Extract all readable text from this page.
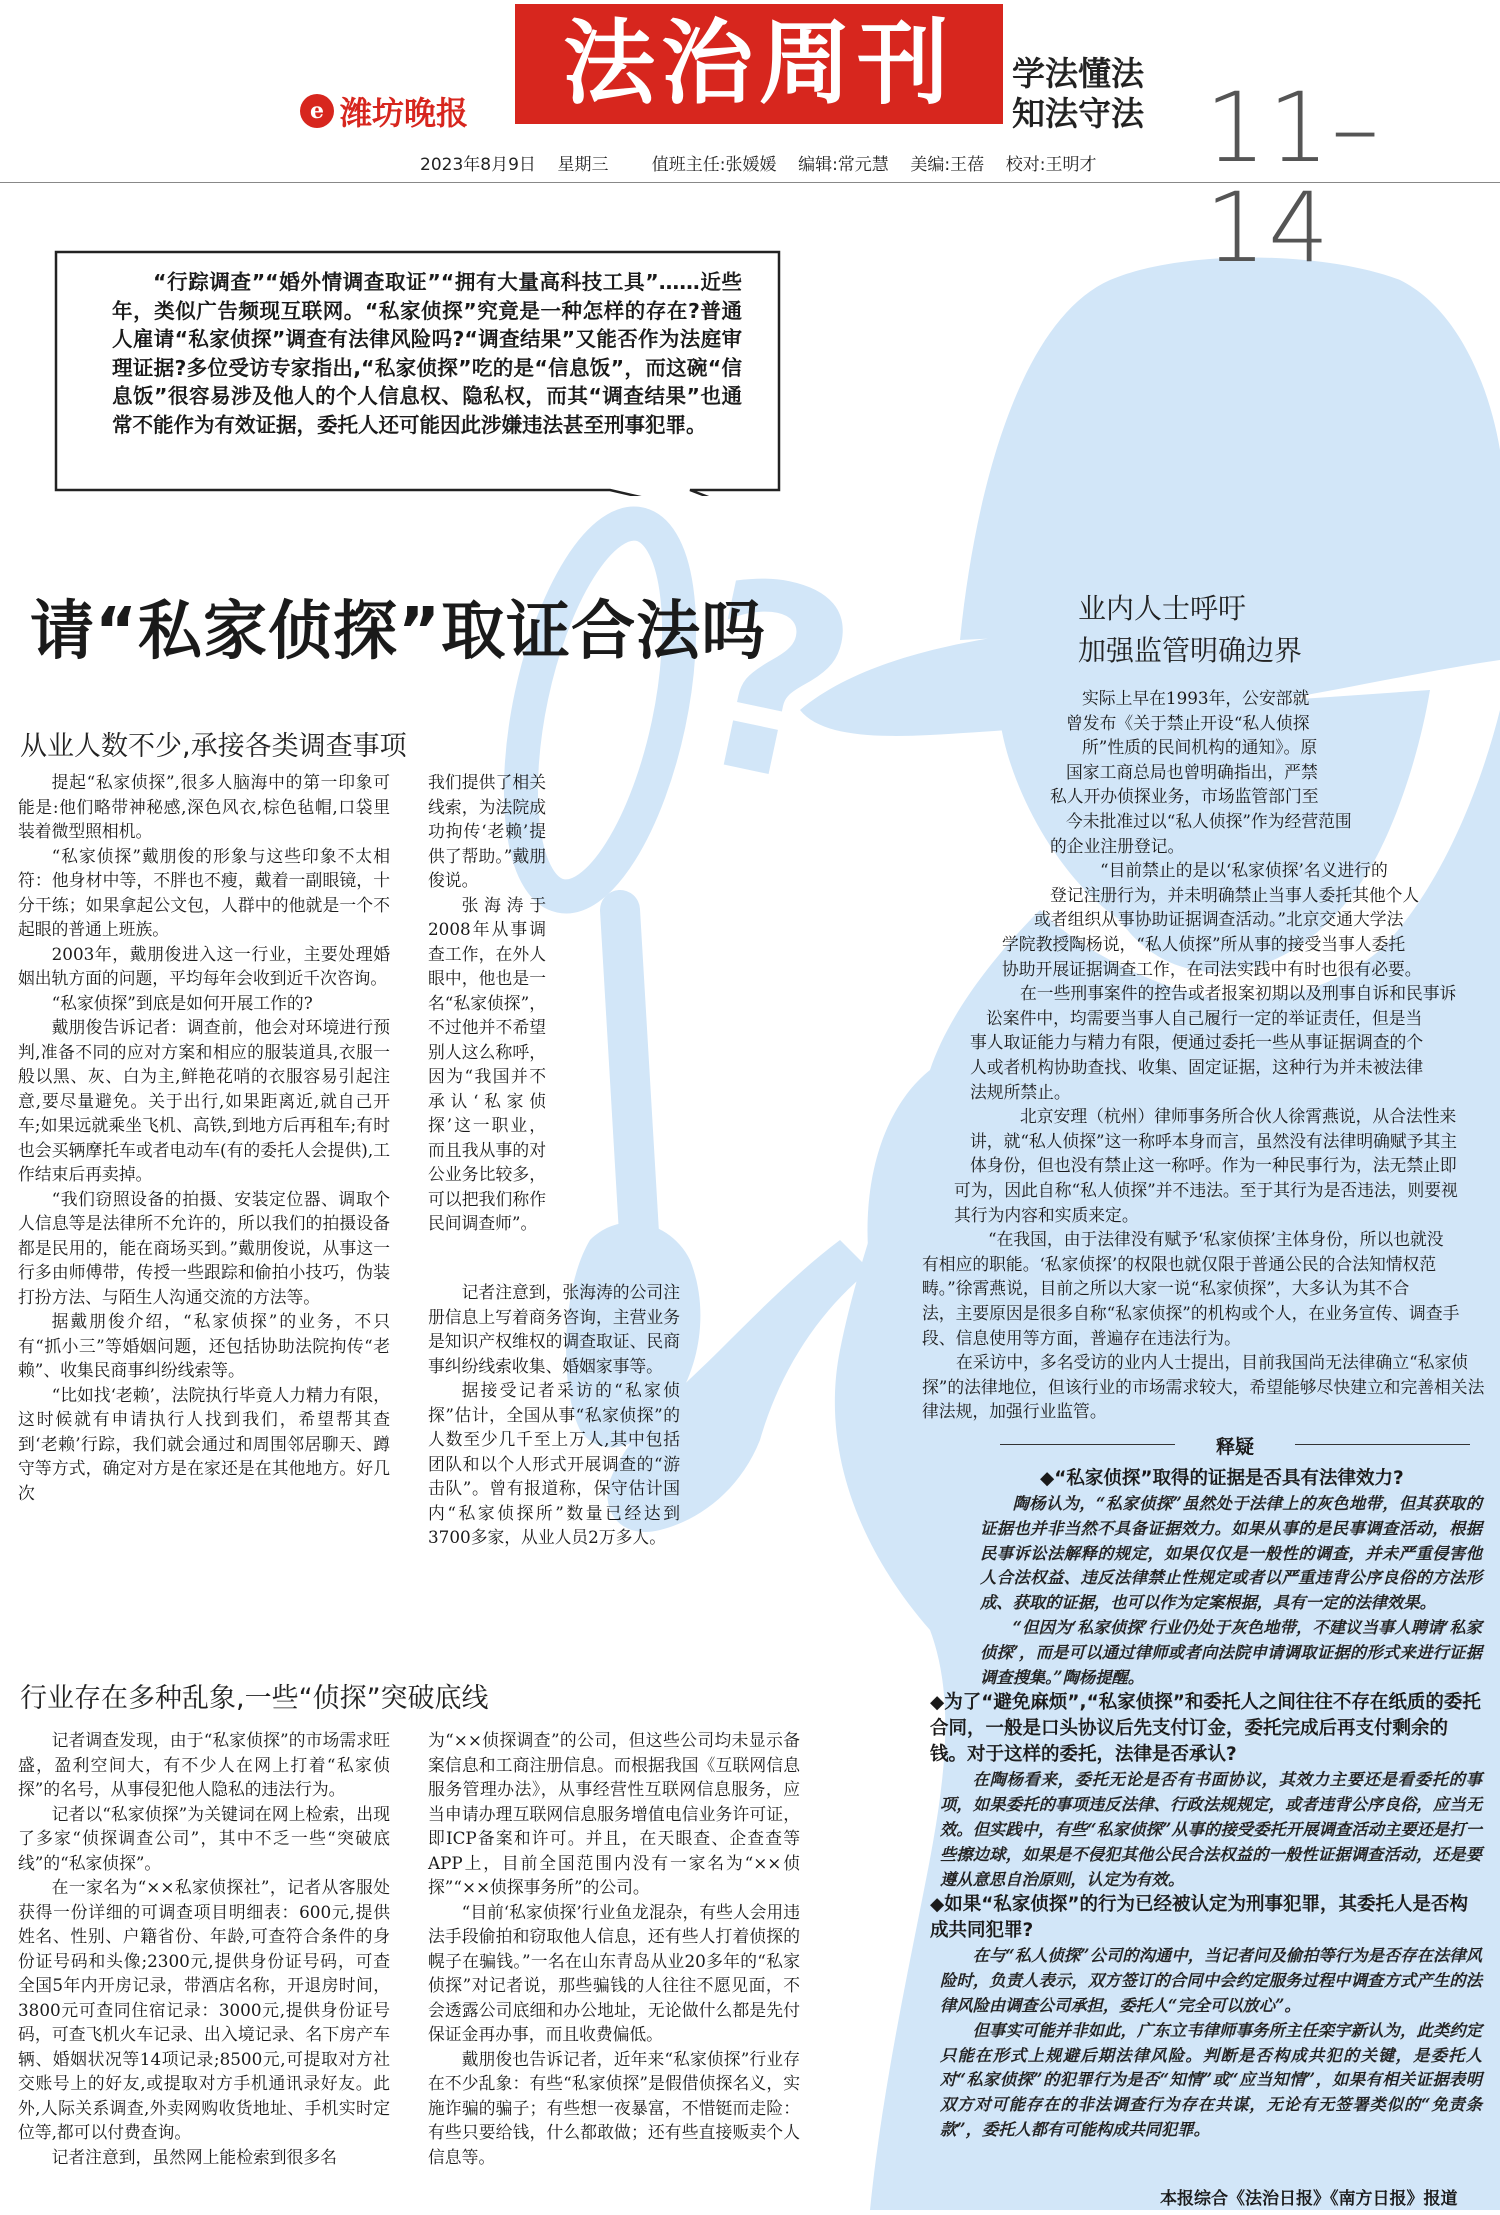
?
e 潍坊晚报	法治周刊	学法懂法
知法守法 11–14
2023年8月9日    星期三        值班主任:张媛媛    编辑:常元慧    美编:王蓓    校对:王明才

“行踪调查”“婚外情调查取证”“拥有大量高科技工具”……近些年，类似广告频现互联网。“私家侦探”究竟是一种怎样的存在?普通人雇请“私家侦探”调查有法律风险吗?“调查结果”又能否作为法庭审理证据?多位受访专家指出,“私家侦探”吃的是“信息饭”，而这碗“信息饭”很容易涉及他人的个人信息权、隐私权，而其“调查结果”也通常不能作为有效证据，委托人还可能因此涉嫌违法甚至刑事犯罪。

请“私家侦探”取证合法吗
从业人数不少,承接各类调查事项

提起“私家侦探”,很多人脑海中的第一印象可能是:他们略带神秘感,深色风衣,棕色毡帽,口袋里装着微型照相机。

“私家侦探”戴朋俊的形象与这些印象不太相符：他身材中等，不胖也不瘦，戴着一副眼镜，十分干练；如果拿起公文包，人群中的他就是一个不起眼的普通上班族。

2003年，戴朋俊进入这一行业，主要处理婚姻出轨方面的问题，平均每年会收到近千次咨询。

“私家侦探”到底是如何开展工作的?

戴朋俊告诉记者：调查前，他会对环境进行预判,准备不同的应对方案和相应的服装道具,衣服一般以黑、灰、白为主,鲜艳花哨的衣服容易引起注意,要尽量避免。关于出行,如果距离近,就自己开车;如果远就乘坐飞机、高铁,到地方后再租车;有时也会买辆摩托车或者电动车(有的委托人会提供),工作结束后再卖掉。

“我们窃照设备的拍摄、安装定位器、调取个人信息等是法律所不允许的，所以我们的拍摄设备都是民用的，能在商场买到。”戴朋俊说，从事这一行多由师傅带，传授一些跟踪和偷拍小技巧，伪装打扮方法、与陌生人沟通交流的方法等。

据戴朋俊介绍，“私家侦探”的业务，不只有“抓小三”等婚姻问题，还包括协助法院拘传“老赖”、收集民商事纠纷线索等。

“比如找‘老赖’，法院执行毕竟人力精力有限，这时候就有申请执行人找到我们，希望帮其查到‘老赖’行踪，我们就会通过和周围邻居聊天、蹲守等方式，确定对方是在家还是在其他地方。好几次

我们提供了相关线索，为法院成功拘传‘老赖’提供了帮助。”戴朋俊说。

张海涛于2008年从事调查工作，在外人眼中，他也是一名“私家侦探”，不过他并不希望别人这么称呼，因为“我国并不承认‘私家侦探’这一职业，而且我从事的对公业务比较多，可以把我们称作民间调查师”。

记者注意到，张海涛的公司注册信息上写着商务咨询，主营业务是知识产权维权的调查取证、民商事纠纷线索收集、婚姻家事等。

据接受记者采访的“私家侦探”估计，全国从事“私家侦探”的人数至少几千至上万人,其中包括团队和以个人形式开展调查的“游击队”。曾有报道称，保守估计国内“私家侦探所”数量已经达到3700多家，从业人员2万多人。

行业存在多种乱象,一些“侦探”突破底线

记者调查发现，由于“私家侦探”的市场需求旺盛，盈利空间大，有不少人在网上打着“私家侦探”的名号，从事侵犯他人隐私的违法行为。

记者以“私家侦探”为关键词在网上检索，出现了多家“侦探调查公司”，其中不乏一些“突破底线”的“私家侦探”。

在一家名为“××私家侦探社”，记者从客服处获得一份详细的可调查项目明细表：600元,提供姓名、性别、户籍省份、年龄,可查符合条件的身份证号码和头像;2300元,提供身份证号码，可查全国5年内开房记录，带酒店名称，开退房时间，3800元可查同住宿记录：3000元,提供身份证号码，可查飞机火车记录、出入境记录、名下房产车辆、婚姻状况等14项记录;8500元,可提取对方社交账号上的好友,或提取对方手机通讯录好友。此外,人际关系调查,外卖网购收货地址、手机实时定位等,都可以付费查询。

记者注意到，虽然网上能检索到很多名

为“××侦探调查”的公司，但这些公司均未显示备案信息和工商注册信息。而根据我国《互联网信息服务管理办法》，从事经营性互联网信息服务，应当申请办理互联网信息服务增值电信业务许可证，即ICP备案和许可。并且，在天眼查、企查查等APP上，目前全国范围内没有一家名为“××侦探”“××侦探事务所”的公司。

“目前‘私家侦探’行业鱼龙混杂，有些人会用违法手段偷拍和窃取他人信息，还有些人打着侦探的幌子在骗钱。”一名在山东青岛从业20多年的“私家侦探”对记者说，那些骗钱的人往往不愿见面，不会透露公司底细和办公地址，无论做什么都是先付保证金再办事，而且收费偏低。

戴朋俊也告诉记者，近年来“私家侦探”行业存在不少乱象：有些“私家侦探”是假借侦探名义，实施诈骗的骗子；有些想一夜暴富，不惜铤而走险：有些只要给钱，什么都敢做；还有些直接贩卖个人信息等。

业内人士呼吁
加强监管明确边界
实际上早在1993年，公安部就
曾发布《关于禁止开设“私人侦探
所”性质的民间机构的通知》。原
国家工商总局也曾明确指出，严禁
私人开办侦探业务，市场监管部门至
今未批准过以“私人侦探”作为经营范围
的企业注册登记。
“目前禁止的是以‘私家侦探’名义进行的
登记注册行为，并未明确禁止当事人委托其他个人
或者组织从事协助证据调查活动。”北京交通大学法
学院教授陶杨说，“私人侦探”所从事的接受当事人委托
协助开展证据调查工作，在司法实践中有时也很有必要。
在一些刑事案件的控告或者报案初期以及刑事自诉和民事诉
讼案件中，均需要当事人自己履行一定的举证责任，但是当
事人取证能力与精力有限，便通过委托一些从事证据调查的个
人或者机构协助查找、收集、固定证据，这种行为并未被法律
法规所禁止。
北京安理（杭州）律师事务所合伙人徐霄燕说，从合法性来
讲，就“私人侦探”这一称呼本身而言，虽然没有法律明确赋予其主
体身份，但也没有禁止这一称呼。作为一种民事行为，法无禁止即
可为，因此自称“私人侦探”并不违法。至于其行为是否违法，则要视
其行为内容和实质来定。
“在我国，由于法律没有赋予‘私家侦探’主体身份，所以也就没
有相应的职能。‘私家侦探’的权限也就仅限于普通公民的合法知情权范
畴。”徐霄燕说，目前之所以大家一说“私家侦探”，大多认为其不合
法，主要原因是很多自称“私家侦探”的机构或个人，在业务宣传、调查手
段、信息使用等方面，普遍存在违法行为。
在采访中，多名受访的业内人士提出，目前我国尚无法律确立“私家侦
探”的法律地位，但该行业的市场需求较大，希望能够尽快建立和完善相关法
律法规，加强行业监管。
释疑

◆“私家侦探”取得的证据是否具有法律效力?

陶杨认为，“私家侦探”虽然处于法律上的灰色地带，但其获取的证据也并非当然不具备证据效力。如果从事的是民事调查活动，根据民事诉讼法解释的规定，如果仅仅是一般性的调查，并未严重侵害他人合法权益、违反法律禁止性规定或者以严重违背公序良俗的方法形成、获取的证据，也可以作为定案根据，具有一定的法律效果。

“但因为‘私家侦探’行业仍处于灰色地带，不建议当事人聘请‘私家侦探’，而是可以通过律师或者向法院申请调取证据的形式来进行证据调查搜集。”陶杨提醒。

◆为了“避免麻烦”,“私家侦探”和委托人之间往往不存在纸质的委托合同，一般是口头协议后先支付订金，委托完成后再支付剩余的钱。对于这样的委托，法律是否承认?

在陶杨看来，委托无论是否有书面协议，其效力主要还是看委托的事项，如果委托的事项违反法律、行政法规规定，或者违背公序良俗，应当无效。但实践中，有些“私家侦探”从事的接受委托开展调查活动主要还是打一些擦边球，如果是不侵犯其他公民合法权益的一般性证据调查活动，还是要遵从意思自治原则，认定为有效。

◆如果“私家侦探”的行为已经被认定为刑事犯罪，其委托人是否构成共同犯罪?

在与“私人侦探”公司的沟通中，当记者问及偷拍等行为是否存在法律风险时，负责人表示，双方签订的合同中会约定服务过程中调查方式产生的法律风险由调查公司承担，委托人“完全可以放心”。

但事实可能并非如此，广东立韦律师事务所主任栾宇新认为，此类约定只能在形式上规避后期法律风险。判断是否构成共犯的关键，是委托人对“私家侦探”的犯罪行为是否“知情”或“应当知情”，如果有相关证据表明双方对可能存在的非法调查行为存在共谋，无论有无签署类似的“免责条款”，委托人都有可能构成共同犯罪。

本报综合《法治日报》《南方日报》报道
